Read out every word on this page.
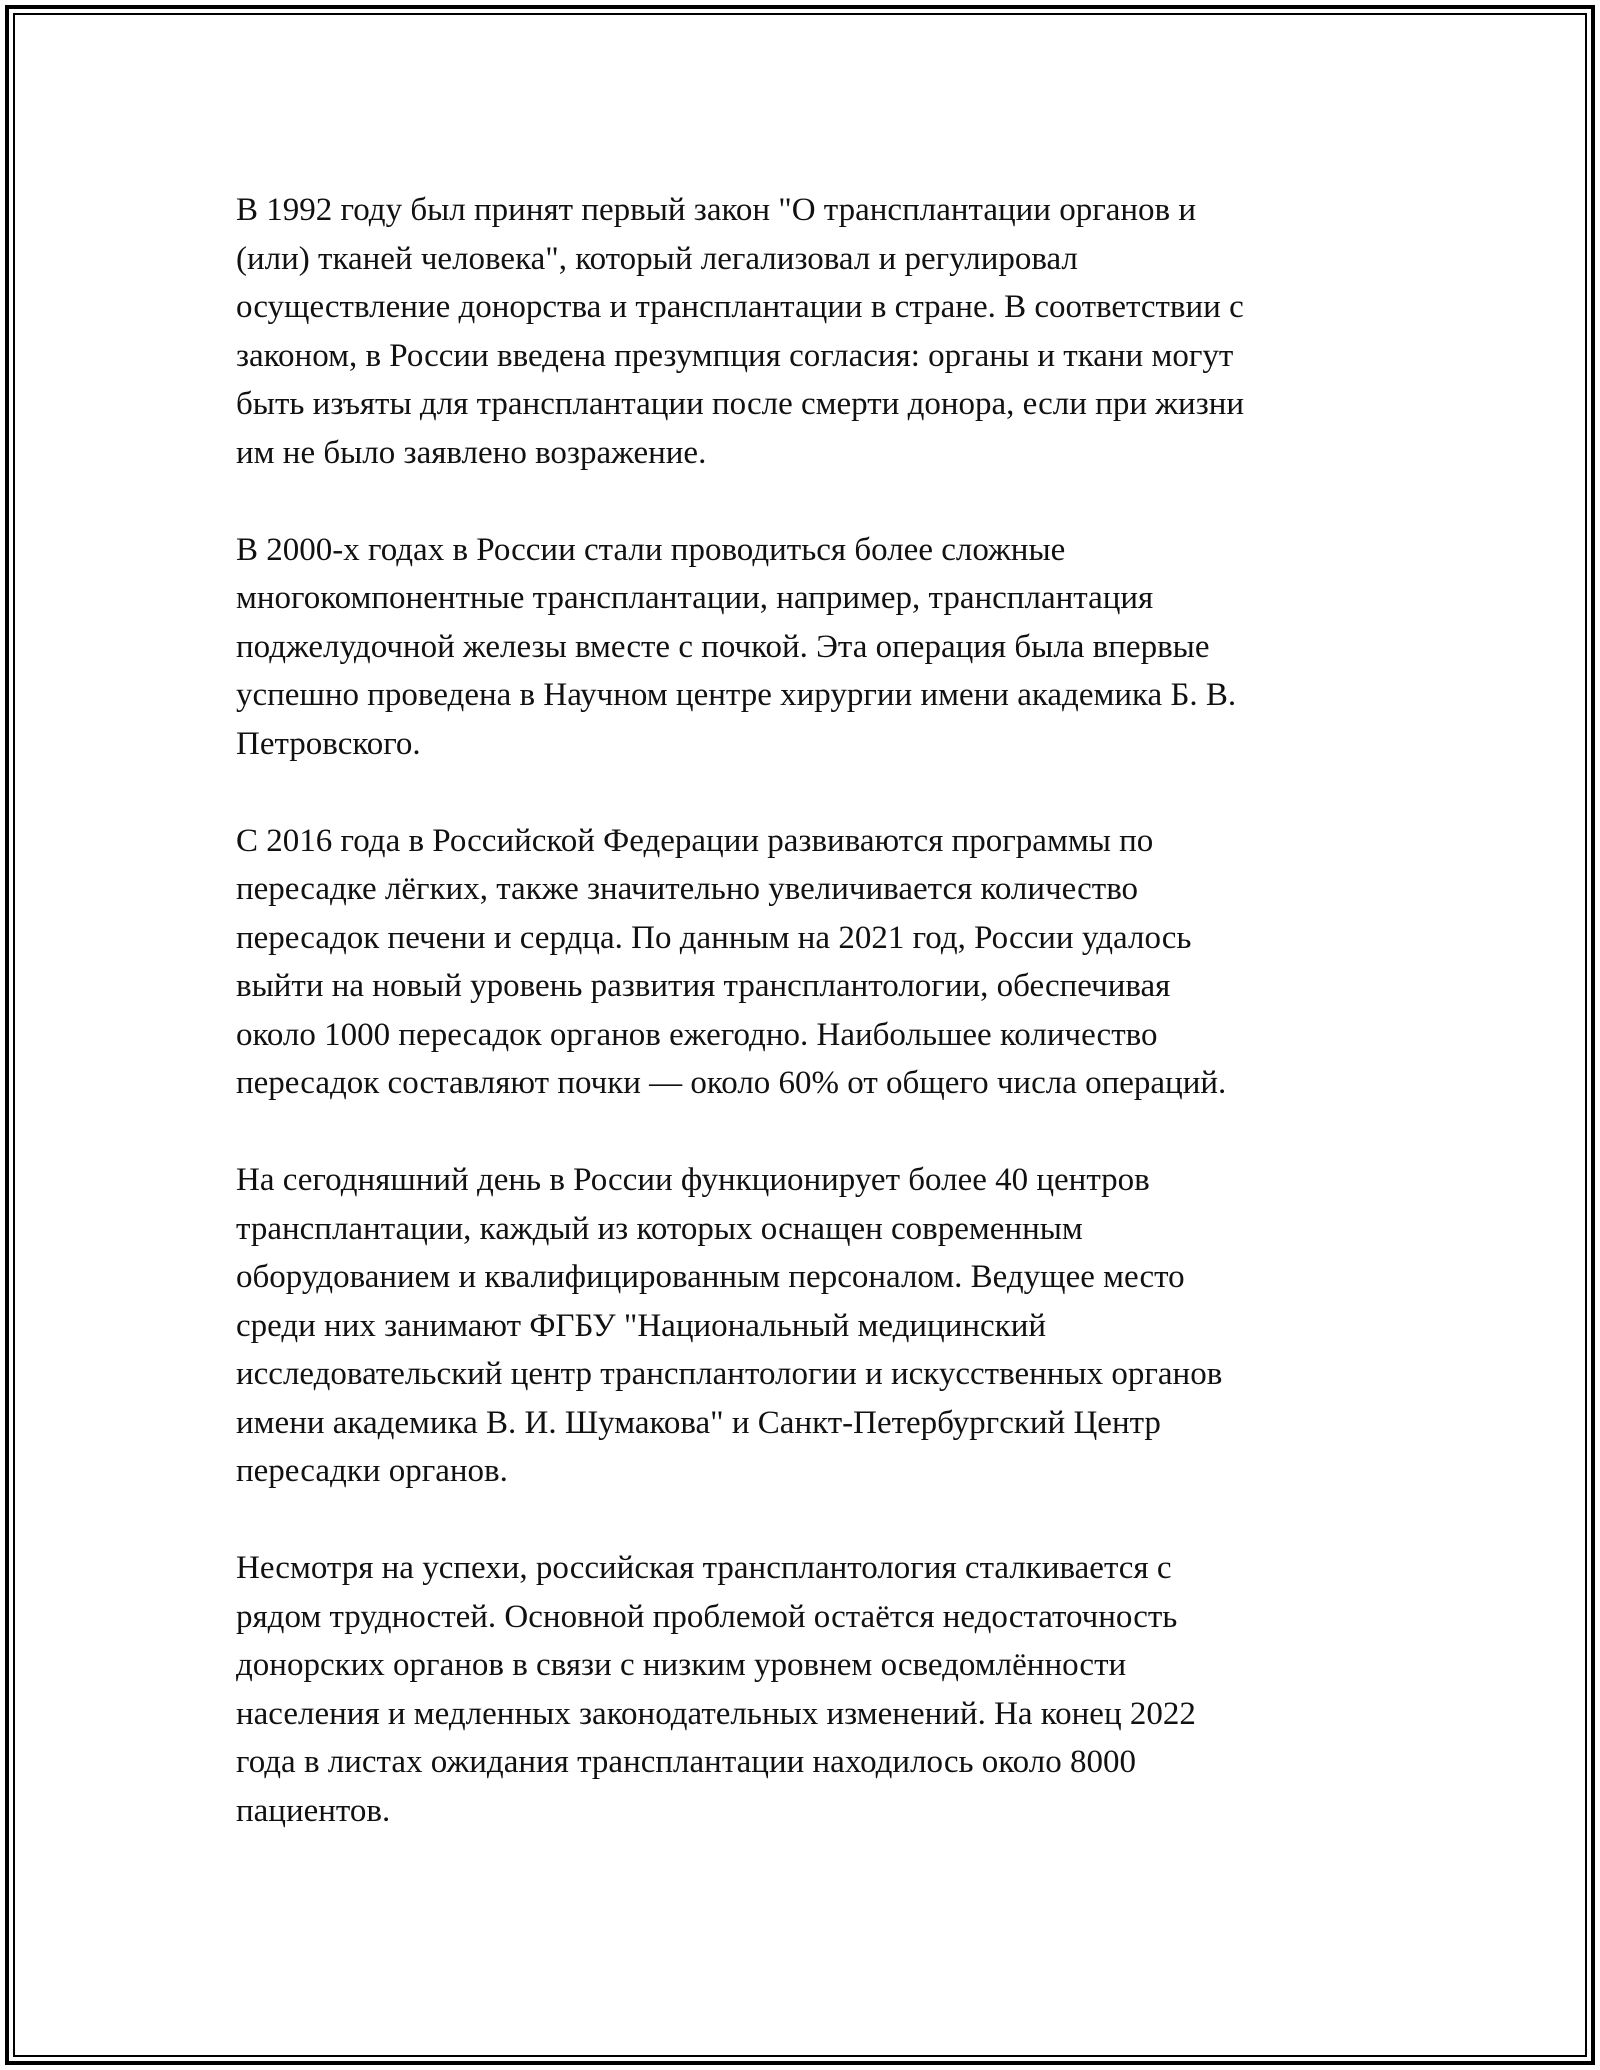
В 1992 году был принят первый закон "О трансплантации органов и
(или) тканей человека", который легализовал и регулировал
осуществление донорства и трансплантации в стране. В соответствии с
законом, в России введена презумпция согласия: органы и ткани могут
быть изъяты для трансплантации после смерти донора, если при жизни
им не было заявлено возражение.

В 2000-х годах в России стали проводиться более сложные
многокомпонентные трансплантации, например, трансплантация
поджелудочной железы вместе с почкой. Эта операция была впервые
успешно проведена в Научном центре хирургии имени академика Б. В.
Петровского.

С 2016 года в Российской Федерации развиваются программы по
пересадке лёгких, также значительно увеличивается количество
пересадок печени и сердца. По данным на 2021 год, России удалось
выйти на новый уровень развития трансплантологии, обеспечивая
около 1000 пересадок органов ежегодно. Наибольшее количество
пересадок составляют почки — около 60% от общего числа операций.

На сегодняшний день в России функционирует более 40 центров
трансплантации, каждый из которых оснащен современным
оборудованием и квалифицированным персоналом. Ведущее место
среди них занимают ФГБУ "Национальный медицинский
исследовательский центр трансплантологии и искусственных органов
имени академика В. И. Шумакова" и Санкт-Петербургский Центр
пересадки органов.

Несмотря на успехи, российская трансплантология сталкивается с
рядом трудностей. Основной проблемой остаётся недостаточность
донорских органов в связи с низким уровнем осведомлённости
населения и медленных законодательных изменений. На конец 2022
года в листах ожидания трансплантации находилось около 8000
пациентов.
